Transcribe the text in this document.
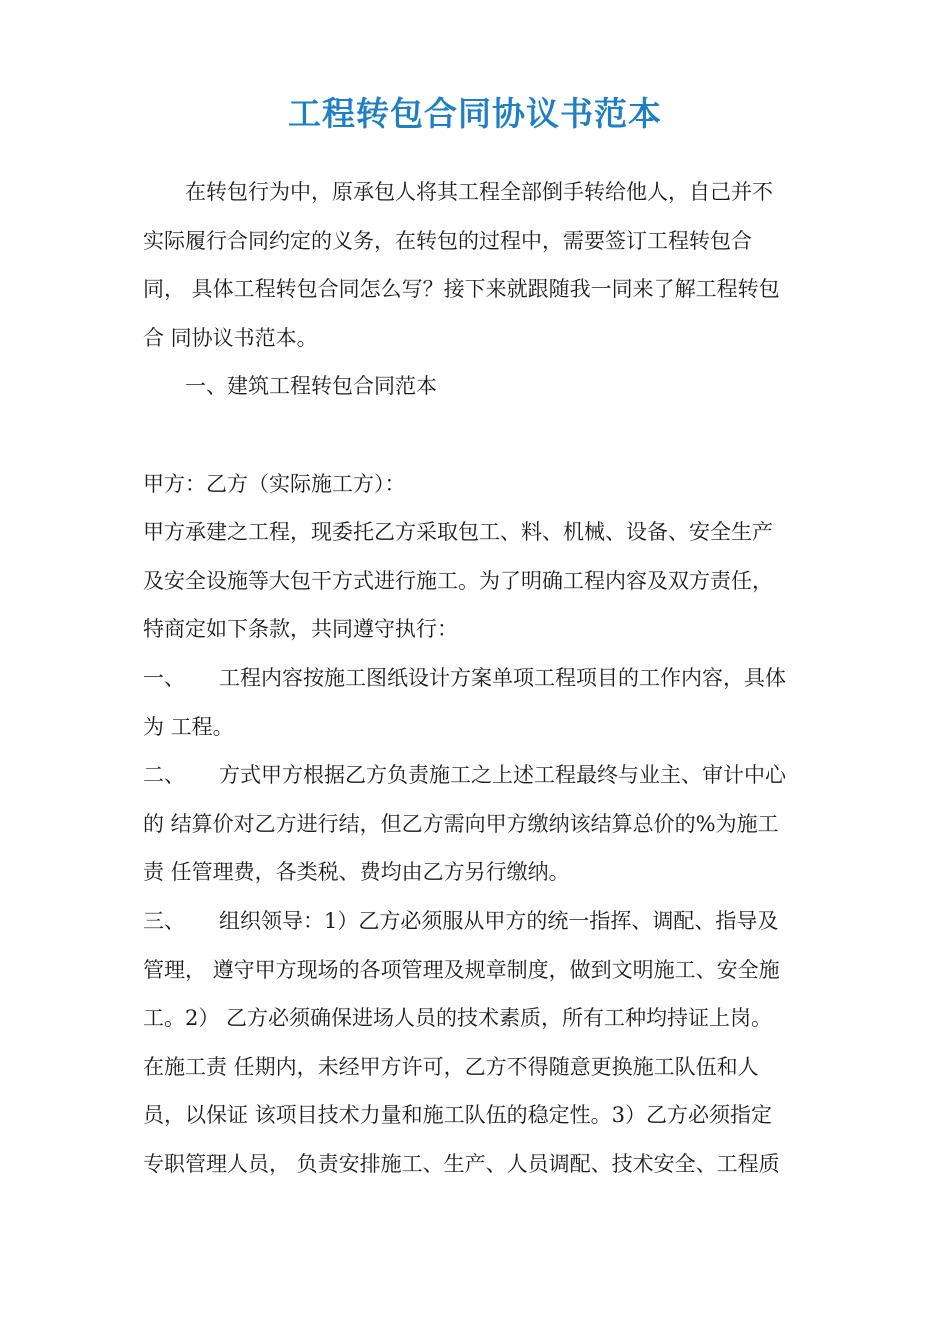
工程转包合同协议书范本
在转包行为中，原承包人将其工程全部倒手转给他人，自己并不
实际履行合同约定的义务，在转包的过程中，需要签订工程转包合
同， 具体工程转包合同怎么写？接下来就跟随我一同来了解工程转包
合 同协议书范本。
一、建筑工程转包合同范本
甲方：乙方（实际施工方）：
甲方承建之工程，现委托乙方采取包工、料、机械、设备、安全生产
及安全设施等大包干方式进行施工。为了明确工程内容及双方责任，
特商定如下条款，共同遵守执行：
一、 工程内容按施工图纸设计方案单项工程项目的工作内容，具体
为 工程。
二、 方式甲方根据乙方负责施工之上述工程最终与业主、审计中心
的 结算价对乙方进行结，但乙方需向甲方缴纳该结算总价的%为施工
责 任管理费，各类税、费均由乙方另行缴纳。
三、 组织领导：1）乙方必须服从甲方的统一指挥、调配、指导及
管理， 遵守甲方现场的各项管理及规章制度，做到文明施工、安全施
工。2） 乙方必须确保进场人员的技术素质，所有工种均持证上岗。
在施工责 任期内，未经甲方许可，乙方不得随意更换施工队伍和人
员，以保证 该项目技术力量和施工队伍的稳定性。3）乙方必须指定
专职管理人员， 负责安排施工、生产、人员调配、技术安全、工程质
